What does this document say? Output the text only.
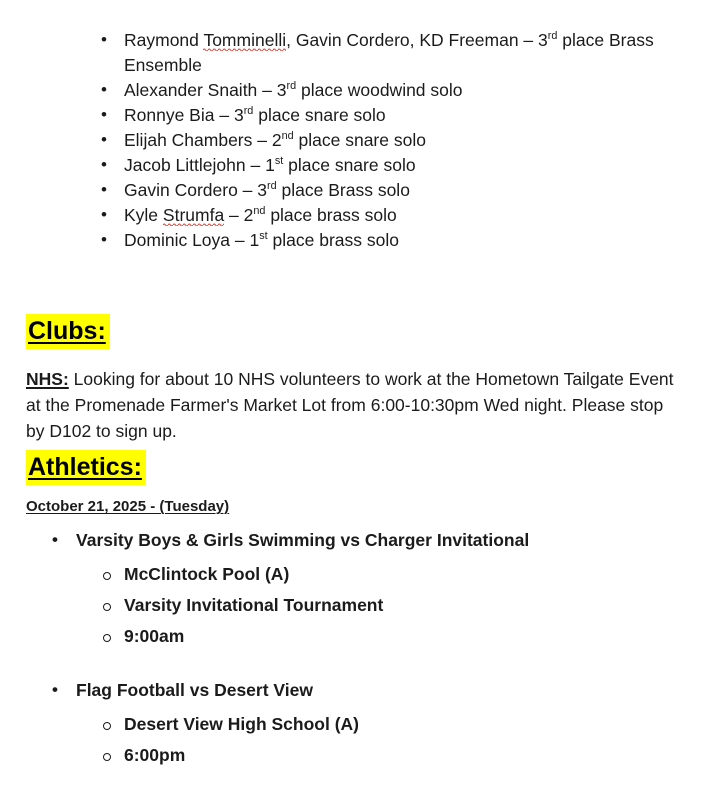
• Raymond Tomminelli, Gavin Cordero, KD Freeman – 3rd place Brass Ensemble
• Alexander Snaith – 3rd place woodwind solo
• Ronnye Bia – 3rd place snare solo
• Elijah Chambers – 2nd place snare solo
• Jacob Littlejohn – 1st place snare solo
• Gavin Cordero – 3rd place Brass solo
• Kyle Strumfa – 2nd place brass solo
• Dominic Loya – 1st place brass solo
Clubs:

NHS: Looking for about 10 NHS volunteers to work at the Hometown Tailgate Event at the Promenade Farmer's Market Lot from 6:00-10:30pm Wed night. Please stop by D102 to sign up.

Athletics:

October 21, 2025 - (Tuesday)

• Varsity Boys & Girls Swimming vs Charger Invitational
McClintock Pool (A)
Varsity Invitational Tournament
9:00am
• Flag Football vs Desert View
Desert View High School (A)
6:00pm
